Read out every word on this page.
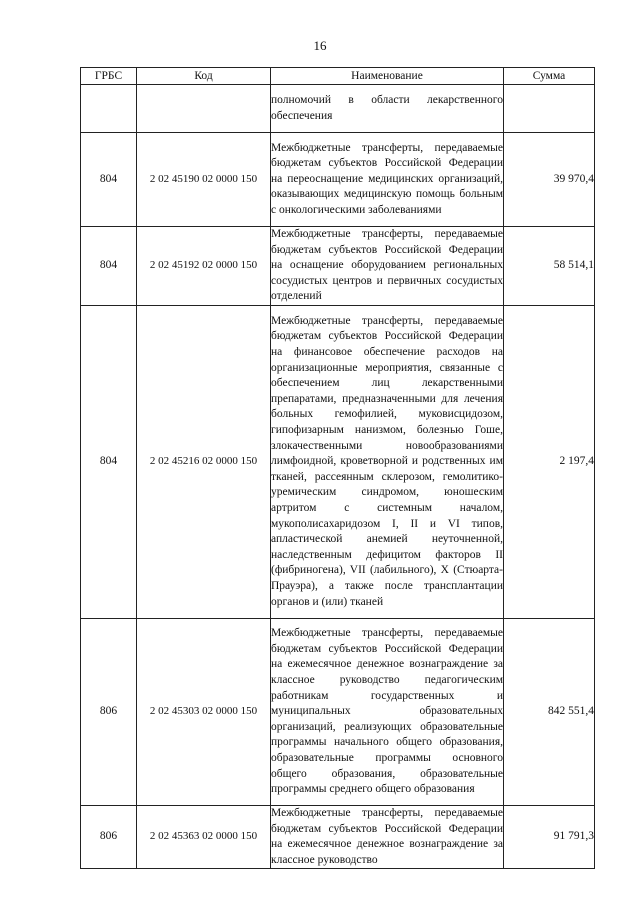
16
ГРБС	Код	Наименование	Сумма
		полномочий в области лекарственного обеспечения	
804	2 02 45190 02 0000 150	Межбюджетные трансферты, передаваемые бюджетам субъектов Российской Федерации на переоснащение медицинских организаций, оказывающих медицинскую помощь больным с онкологическими заболеваниями	39 970,4
804	2 02 45192 02 0000 150	Межбюджетные трансферты, передаваемые бюджетам субъектов Российской Федерации на оснащение оборудованием региональных сосудистых центров и первичных сосудистых отделений	58 514,1
804	2 02 45216 02 0000 150	Межбюджетные трансферты, передаваемые бюджетам субъектов Российской Федерации на финансовое обеспечение расходов на организационные мероприятия, связанные с обеспечением лиц лекарственными препаратами, предназначенными для лечения больных гемофилией, муковисцидозом, гипофизарным нанизмом, болезнью Гоше, злокачественными новообразованиями лимфоидной, кроветворной и родственных им тканей, рассеянным склерозом, гемолитико-уремическим синдромом, юношеским артритом с системным началом, мукополисахаридозом I, II и VI типов, апластической анемией неуточненной, наследственным дефицитом факторов II (фибриногена), VII (лабильного), X (Стюарта-Прауэра), а также после трансплантации органов и (или) тканей	2 197,4
806	2 02 45303 02 0000 150	Межбюджетные трансферты, передаваемые бюджетам субъектов Российской Федерации на ежемесячное денежное вознаграждение за классное руководство педагогическим работникам государственных и муниципальных образовательных организаций, реализующих образовательные программы начального общего образования, образовательные программы основного общего образования, образовательные программы среднего общего образования	842 551,4
806	2 02 45363 02 0000 150	Межбюджетные трансферты, передаваемые бюджетам субъектов Российской Федерации на ежемесячное денежное вознаграждение за классное руководство	91 791,3
